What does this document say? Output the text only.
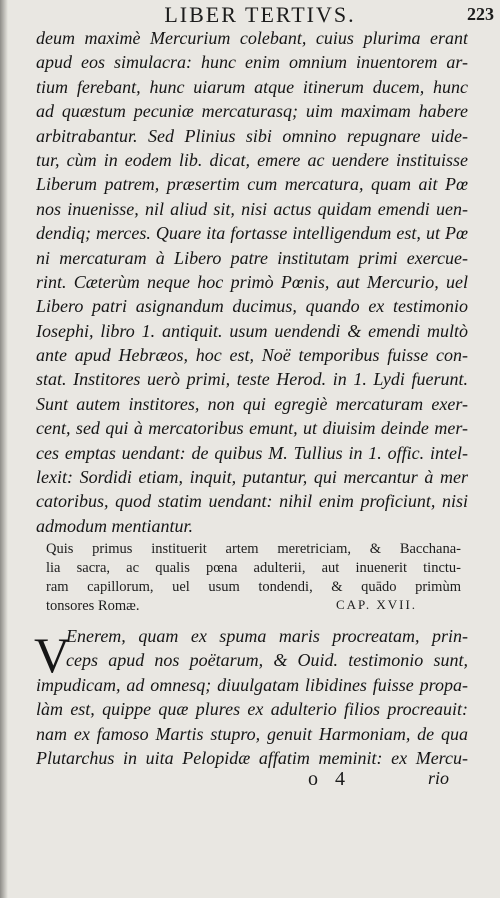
LIBER TERTIVS.	223
deum maximè Mercurium colebant, cuius plurima erant
apud eos simulacra: hunc enim omnium inuentorem ar-
tium ferebant, hunc uiarum atque itinerum ducem, hunc
ad quæstum pecuniæ mercaturasq; uim maximam habere
arbitrabantur. Sed Plinius sibi omnino repugnare uide-
tur, cùm in eodem lib. dicat, emere ac uendere instituisse
Liberum patrem, præsertim cum mercatura, quam ait Pœ
nos inuenisse, nil aliud sit, nisi actus quidam emendi uen-
dendiq; merces. Quare ita fortasse intelligendum est, ut Pœ
ni mercaturam à Libero patre institutam primi exercue-
rint. Cæterùm neque hoc primò Pœnis, aut Mercurio, uel
Libero patri asignandum ducimus, quando ex testimonio
Iosephi, libro 1. antiquit. usum uendendi & emendi multò
ante apud Hebræos, hoc est, Noë temporibus fuisse con-
stat. Institores uerò primi, teste Herod. in 1. Lydi fuerunt.
Sunt autem institores, non qui egregiè mercaturam exer-
cent, sed qui à mercatoribus emunt, ut diuisim deinde mer-
ces emptas uendant: de quibus M. Tullius in 1. offic. intel-
lexit: Sordidi etiam, inquit, putantur, qui mercantur à mer
catoribus, quod statim uendant: nihil enim proficiunt, nisi
admodum mentiantur.
Quis primus instituerit artem meretriciam, & Bacchana-
lia sacra, ac qualis pœna adulterii, aut inuenerit tinctu-
ram capillorum, uel usum tondendi, & quādo primùm
tonsores Romæ.	CAP. XVII.
V
Enerem, quam ex spuma maris procreatam, prin-
ceps apud nos poëtarum, & Ouid. testimonio sunt,
impudicam, ad omnesq; diuulgatam libidines fuisse propa-
làm est, quippe quæ plures ex adulterio filios procreauit:
nam ex famoso Martis stupro, genuit Harmoniam, de qua
Plutarchus in uita Pelopidæ affatim meminit: ex Mercu-
o 4	rio
